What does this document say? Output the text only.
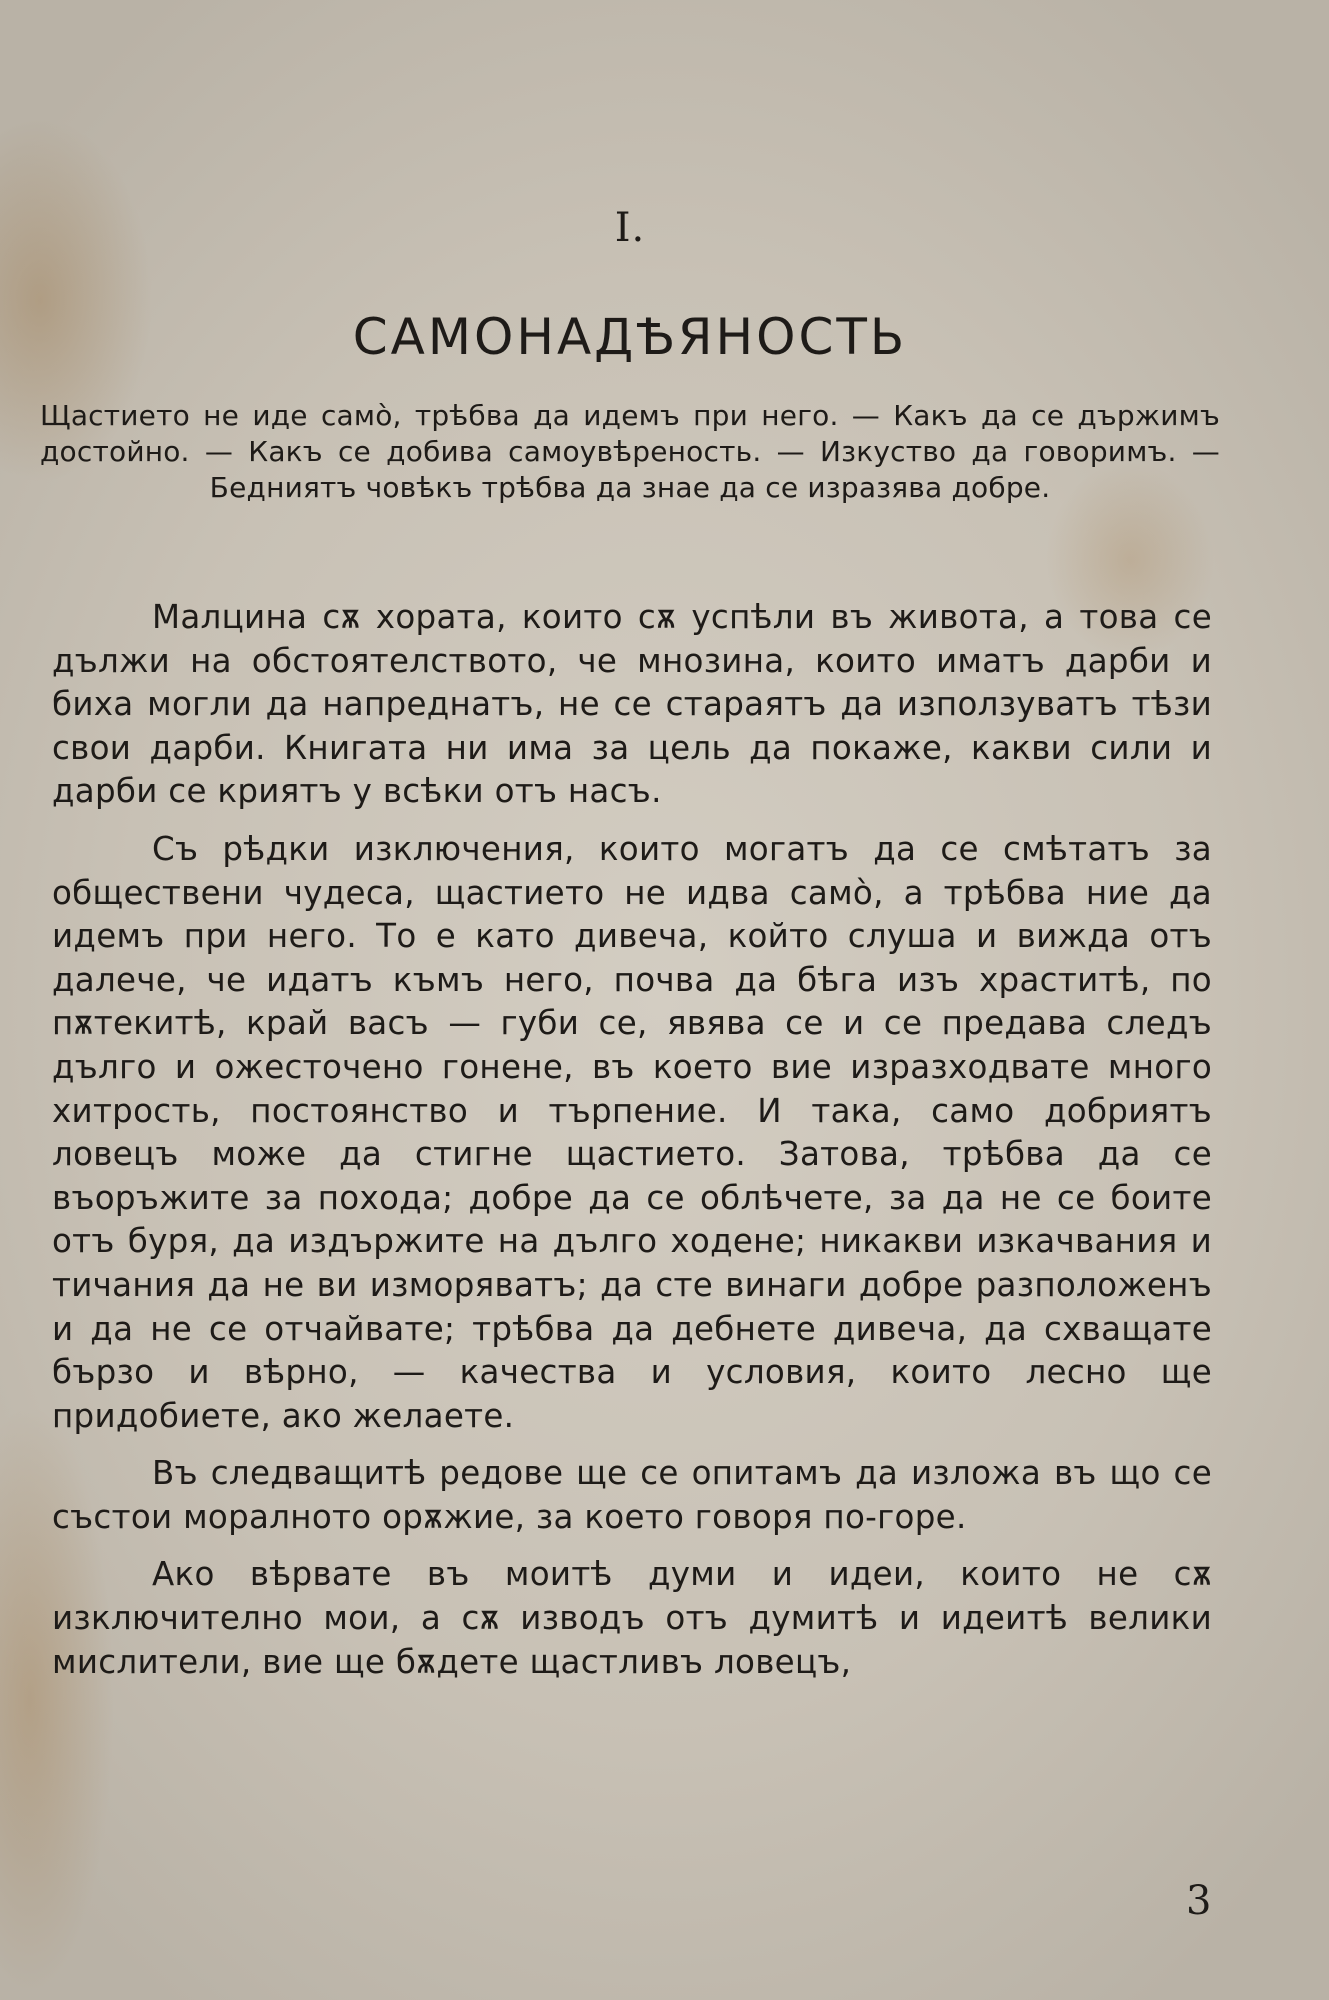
I.
САМОНАДѢЯНОСТЬ
Щастието не иде само̀, трѣбва да идемъ при него. — Какъ да се държимъ достойно. — Какъ се добива самоувѣреность. — Изкуство да говоримъ. — Бедниятъ човѣкъ трѣбва да знае да се изразява добре.

Малцина сѫ хората, които сѫ успѣли въ живота, а това се дължи на обстоятелството, че мнозина, които иматъ дарби и биха могли да напреднатъ, не се стараятъ да използуватъ тѣзи свои дарби. Книгата ни има за цель да покаже, какви сили и дарби се криятъ у всѣки отъ насъ.

Съ рѣдки изключения, които могатъ да се смѣтатъ за обществени чудеса, щастието не идва само̀, а трѣбва ние да идемъ при него. То е като дивеча, който слуша и вижда отъ далече, че идатъ къмъ него, почва да бѣга изъ храститѣ, по пѫтекитѣ, край васъ — губи се, явява се и се предава следъ дълго и ожесточено гонене, въ което вие изразходвате много хитрость, постоянство и търпение. И така, само добриятъ ловецъ може да стигне щастието. Затова, трѣбва да се въоръжите за похода; добре да се облѣчете, за да не се боите отъ буря, да издържите на дълго ходене; никакви изкачвания и тичания да не ви изморяватъ; да сте винаги добре разположенъ и да не се отчайвате; трѣбва да дебнете дивеча, да схващате бързо и вѣрно, — качества и условия, които лесно ще придобиете, ако желаете.

Въ следващитѣ редове ще се опитамъ да изложа въ що се състои моралното орѫжие, за което говоря по-горе.

Ако вѣрвате въ моитѣ думи и идеи, които не сѫ изключително мои, а сѫ изводъ отъ думитѣ и идеитѣ велики мислители, вие ще бѫдете щастливъ ловецъ,

3
